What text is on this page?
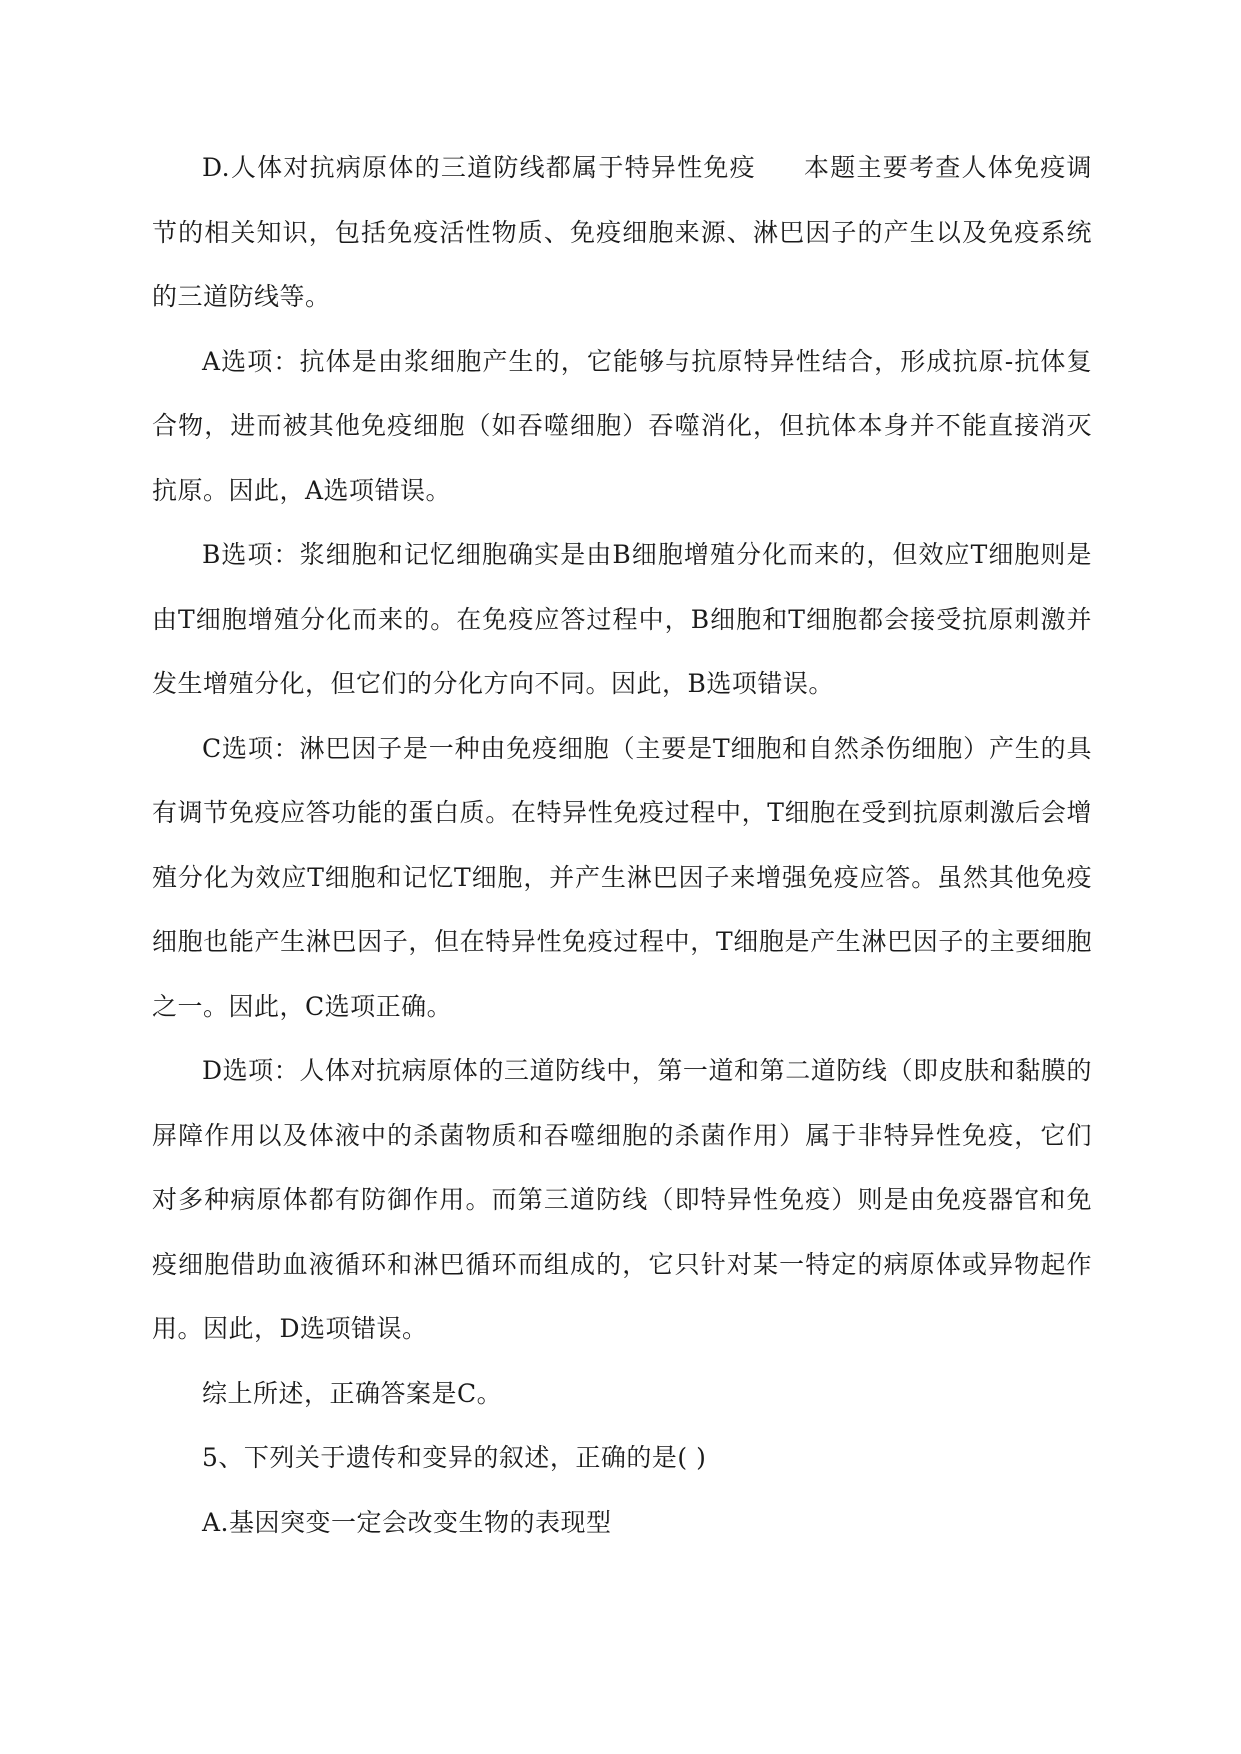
D.人体对抗病原体的三道防线都属于特异性免疫 本题主要考查人体免疫调节的相关知识，包括免疫活性物质、免疫细胞来源、淋巴因子的产生以及免疫系统的三道防线等。

A选项：抗体是由浆细胞产生的，它能够与抗原特异性结合，形成抗原-抗体复合物，进而被其他免疫细胞（如吞噬细胞）吞噬消化，但抗体本身并不能直接消灭抗原。因此，A选项错误。

B选项：浆细胞和记忆细胞确实是由B细胞增殖分化而来的，但效应T细胞则是由T细胞增殖分化而来的。在免疫应答过程中，B细胞和T细胞都会接受抗原刺激并发生增殖分化，但它们的分化方向不同。因此，B选项错误。

C选项：淋巴因子是一种由免疫细胞（主要是T细胞和自然杀伤细胞）产生的具有调节免疫应答功能的蛋白质。在特异性免疫过程中，T细胞在受到抗原刺激后会增殖分化为效应T细胞和记忆T细胞，并产生淋巴因子来增强免疫应答。虽然其他免疫细胞也能产生淋巴因子，但在特异性免疫过程中，T细胞是产生淋巴因子的主要细胞之一。因此，C选项正确。

D选项：人体对抗病原体的三道防线中，第一道和第二道防线（即皮肤和黏膜的屏障作用以及体液中的杀菌物质和吞噬细胞的杀菌作用）属于非特异性免疫，它们对多种病原体都有防御作用。而第三道防线（即特异性免疫）则是由免疫器官和免疫细胞借助血液循环和淋巴循环而组成的，它只针对某一特定的病原体或异物起作用。因此，D选项错误。

综上所述，正确答案是C。

5、下列关于遗传和变异的叙述，正确的是( )

A.基因突变一定会改变生物的表现型
